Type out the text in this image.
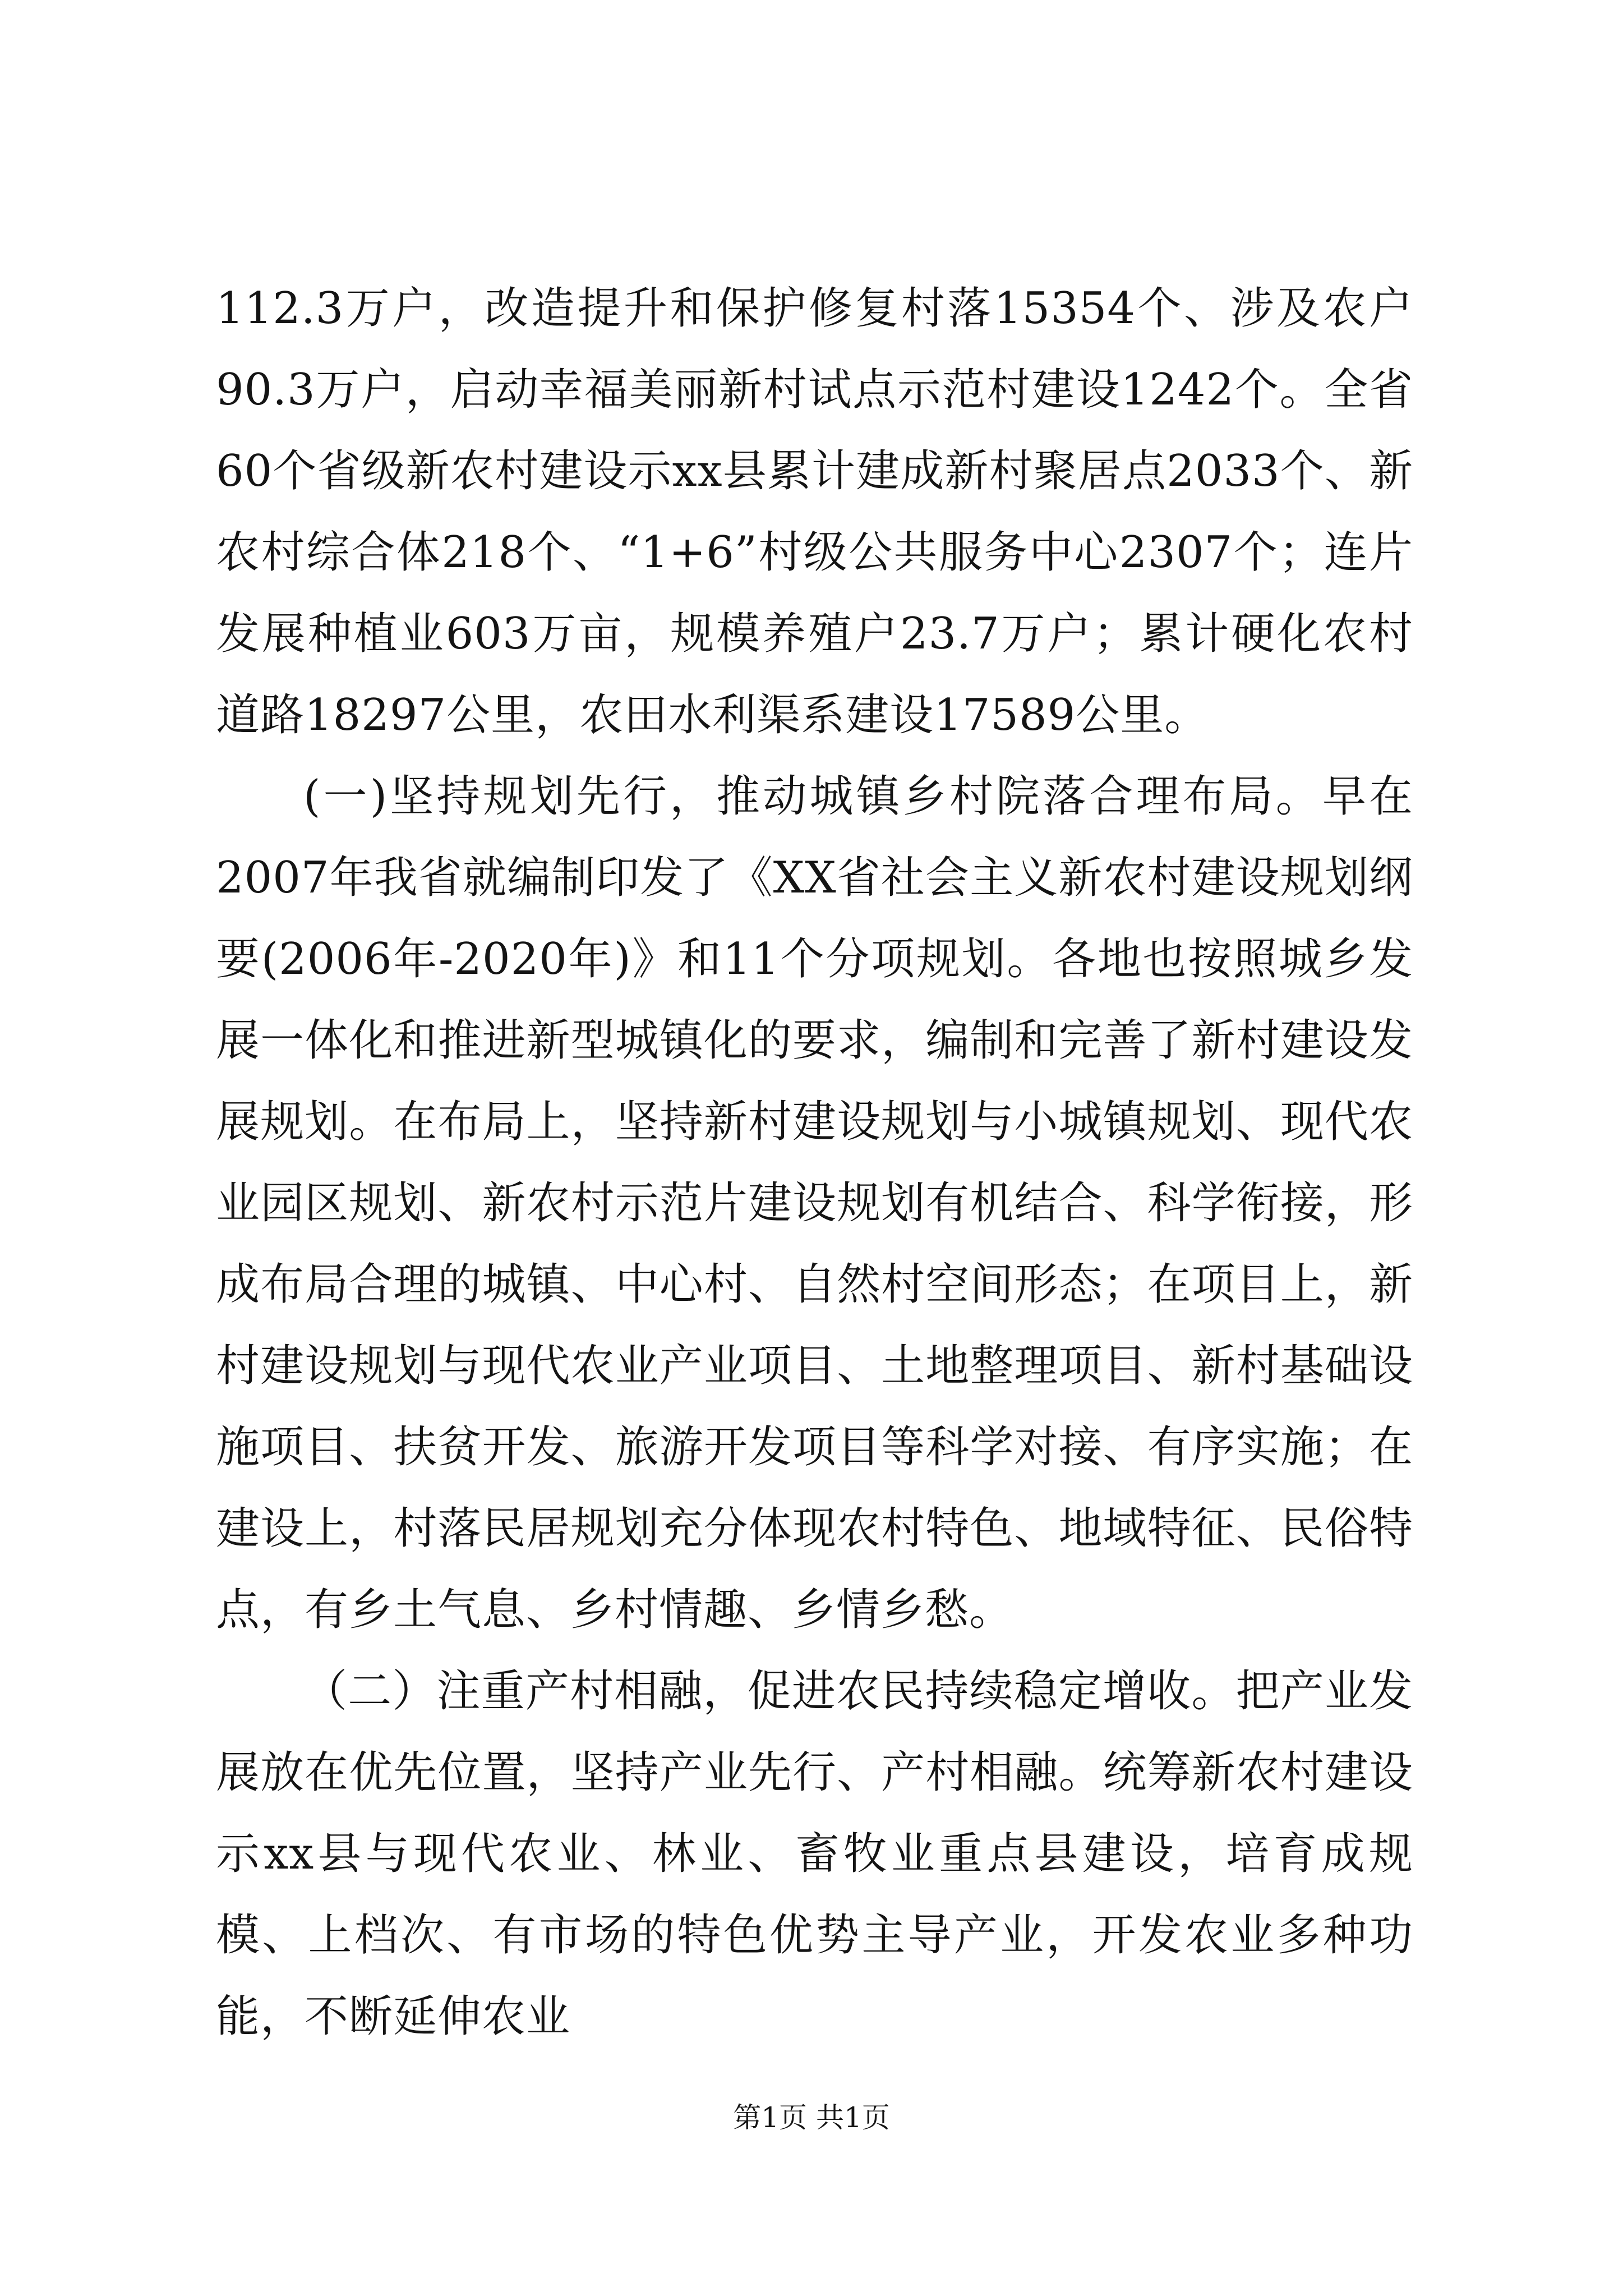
112.3万户，改造提升和保护修复村落15354个、涉及农户90.3万户，启动幸福美丽新村试点示范村建设1242个。全省60个省级新农村建设示xx县累计建成新村聚居点2033个、新农村综合体218个、“1+6”村级公共服务中心2307个；连片发展种植业603万亩，规模养殖户23.7万户；累计硬化农村道路18297公里，农田水利渠系建设17589公里。

(一)坚持规划先行，推动城镇乡村院落合理布局。早在2007年我省就编制印发了《XX省社会主义新农村建设规划纲要(2006年-2020年)》和11个分项规划。各地也按照城乡发展一体化和推进新型城镇化的要求，编制和完善了新村建设发展规划。在布局上，坚持新村建设规划与小城镇规划、现代农业园区规划、新农村示范片建设规划有机结合、科学衔接，形成布局合理的城镇、中心村、自然村空间形态；在项目上，新村建设规划与现代农业产业项目、土地整理项目、新村基础设施项目、扶贫开发、旅游开发项目等科学对接、有序实施；在建设上，村落民居规划充分体现农村特色、地域特征、民俗特点，有乡土气息、乡村情趣、乡情乡愁。

（二）注重产村相融，促进农民持续稳定增收。把产业发展放在优先位置，坚持产业先行、产村相融。统筹新农村建设示xx县与现代农业、林业、畜牧业重点县建设，培育成规模、上档次、有市场的特色优势主导产业，开发农业多种功能，不断延伸农业

第1页 共1页
